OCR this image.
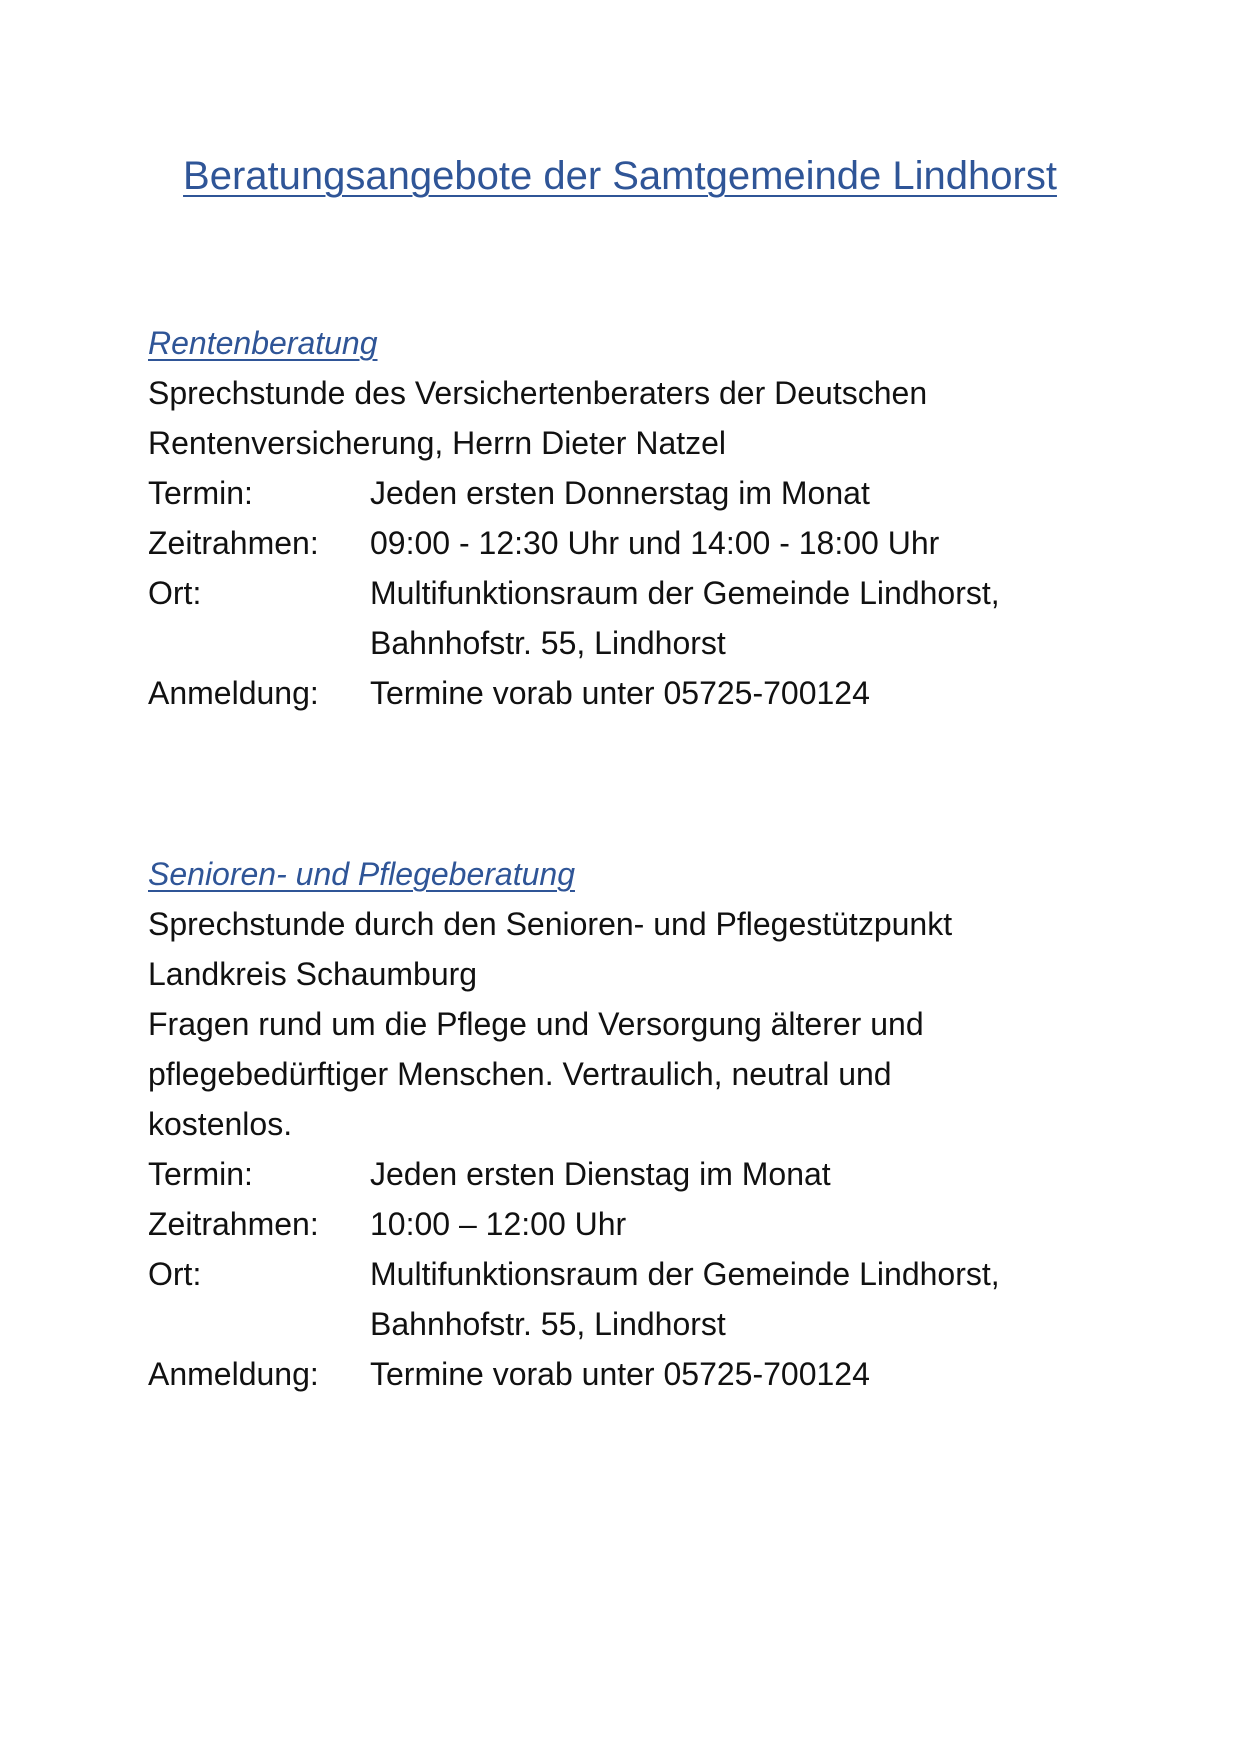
Beratungsangebote der Samtgemeinde Lindhorst
Rentenberatung

Sprechstunde des Versichertenberaters der Deutschen

Rentenversicherung, Herrn Dieter Natzel

Termin:	Jeden ersten Donnerstag im Monat
Zeitrahmen:	09:00 - 12:30 Uhr und 14:00 - 18:00 Uhr
Ort:	Multifunktionsraum der Gemeinde Lindhorst,
Bahnhofstr. 55, Lindhorst
Anmeldung:	Termine vorab unter 05725-700124
Senioren- und Pflegeberatung

Sprechstunde durch den Senioren- und Pflegestützpunkt

Landkreis Schaumburg

Fragen rund um die Pflege und Versorgung älterer und

pflegebedürftiger Menschen. Vertraulich, neutral und

kostenlos.

Termin:	Jeden ersten Dienstag im Monat
Zeitrahmen:	10:00 – 12:00 Uhr
Ort:	Multifunktionsraum der Gemeinde Lindhorst,
Bahnhofstr. 55, Lindhorst
Anmeldung:	Termine vorab unter 05725-700124
